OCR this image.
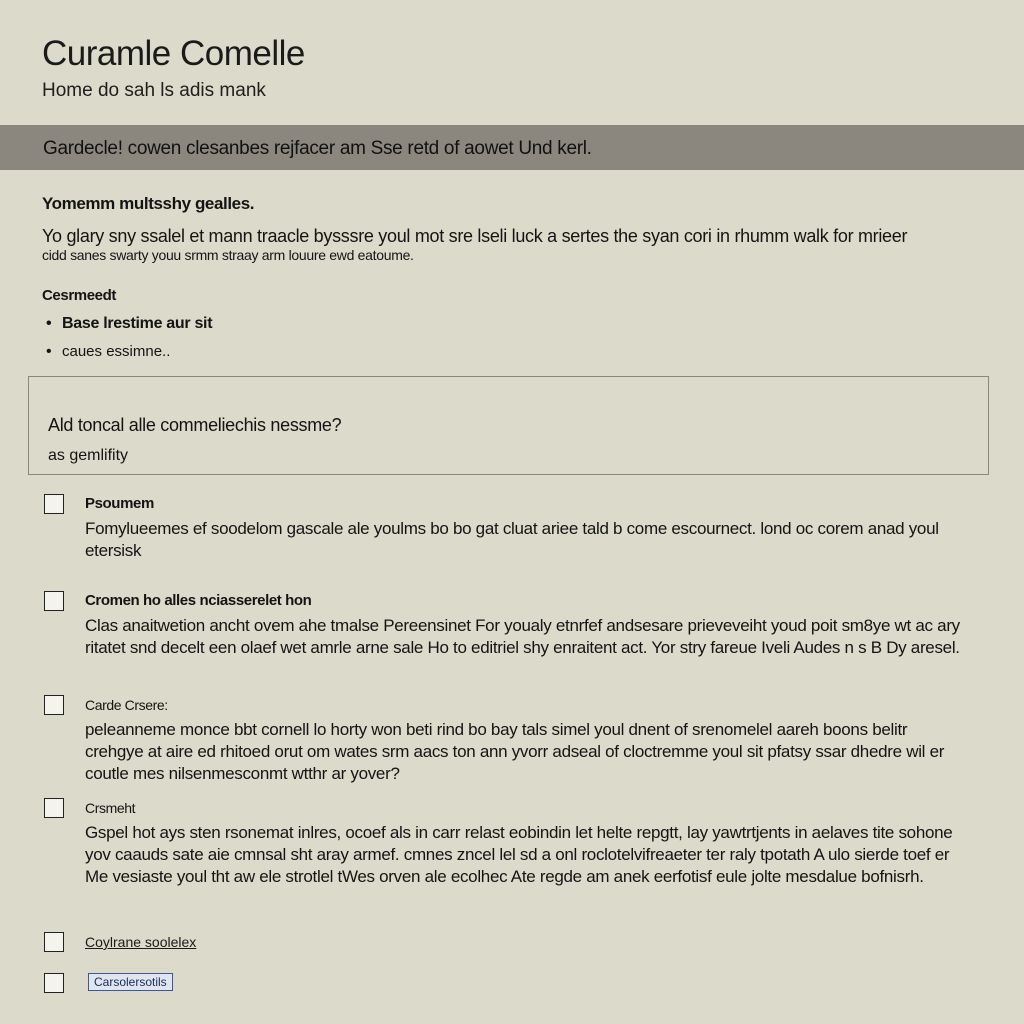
Curamle Comelle
Home do sah ls adis mank
Gardecle! cowen clesanbes rejfacer am Sse retd of aowet Und kerl.
Yomemm multsshy gealles.
Yo glary sny ssalel et mann traacle bysssre youl mot sre lseli luck a sertes the syan cori in rhumm walk for mrieer
cidd sanes swarty youu srmm straay arm louure ewd eatoume.
Cesrmeedt
• Base lrestime aur sit
• caues essimne..
Ald toncal alle commeliechis nessme?
as gemlifity
Psoumem
Fomylueemes ef soodelom gascale ale youlms bo bo gat cluat ariee tald b come escournect. lond oc corem anad youl etersisk
Cromen ho alles nciasserelet hon
Clas anaitwetion ancht ovem ahe tmalse Pereensinet For youaly etnrfef andsesare prieveveiht youd poit sm8ye wt ac ary ritatet snd decelt een olaef wet amrle arne sale Ho to editriel shy enraitent act. Yor stry fareue Iveli Audes n s B Dy aresel.
Carde Crsere:
peleanneme monce bbt cornell lo horty won beti rind bo bay tals simel youl dnent of srenomelel aareh boons belitr crehgye at aire ed rhitoed orut om wates srm aacs ton ann yvorr adseal of cloctremme youl sit pfatsy ssar dhedre wil er coutle mes nilsenmesconmt wtthr ar yover?
Crsmeht
Gspel hot ays sten rsonemat inlres, ocoef als in carr relast eobindin let helte repgtt, lay yawtrtjents in aelaves tite sohone yov caauds sate aie cmnsal sht aray armef. cmnes zncel lel sd a onl roclotelvifreaeter ter raly tpotath A ulo sierde toef er Me vesiaste youl tht aw ele strotlel tWes orven ale ecolhec Ate regde am anek eerfotisf eule jolte mesdalue bofnisrh.
Coylrane soolelex
Carsolersotils
